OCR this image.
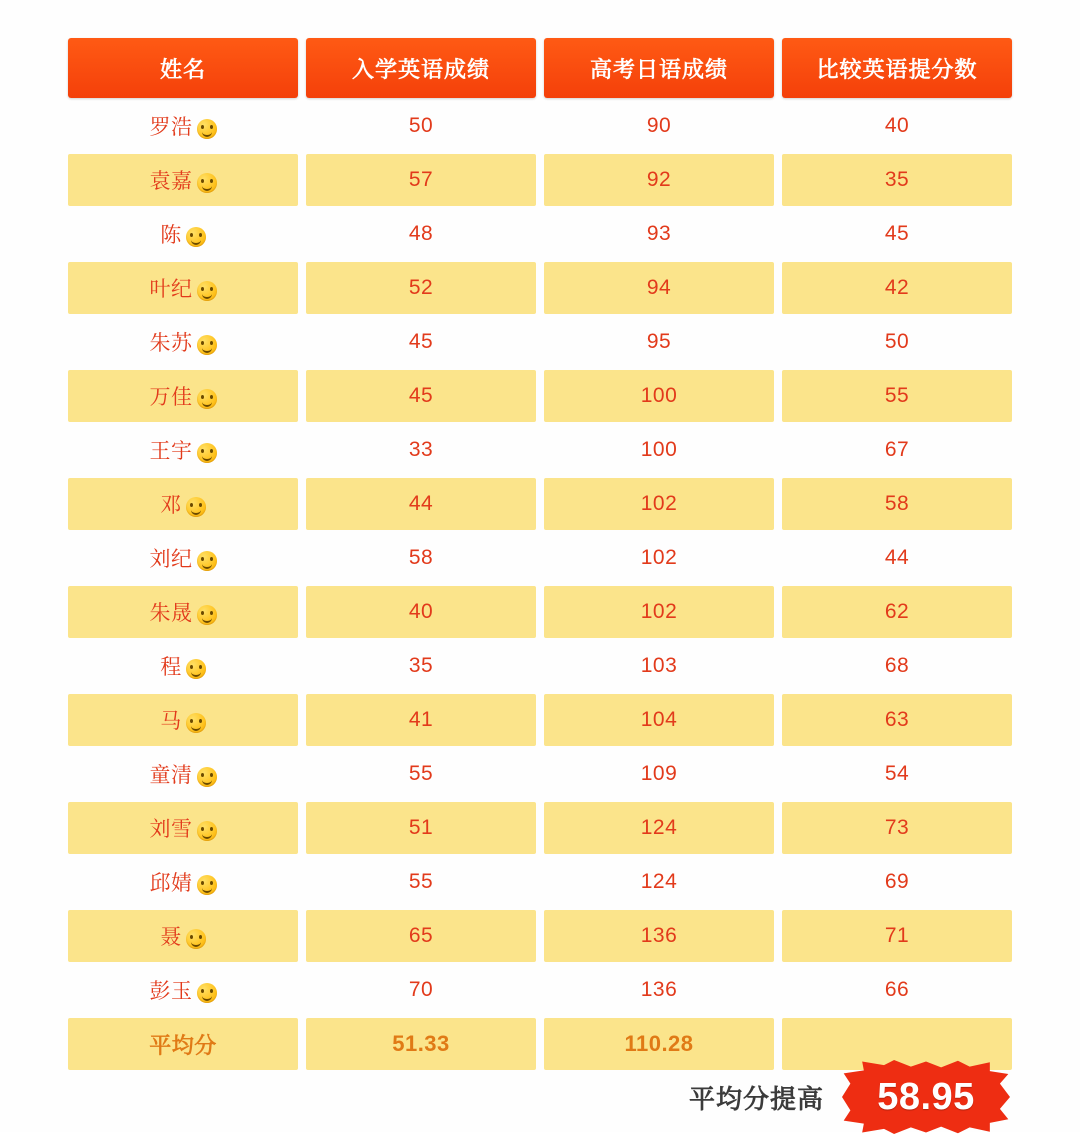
姓名	入学英语成绩	高考日语成绩	比较英语提分数
罗浩	50	90	40
袁嘉	57	92	35
陈	48	93	45
叶纪	52	94	42
朱苏	45	95	50
万佳	45	100	55
王宇	33	100	67
邓	44	102	58
刘纪	58	102	44
朱晟	40	102	62
程	35	103	68
马	41	104	63
童清	55	109	54
刘雪	51	124	73
邱婧	55	124	69
聂	65	136	71
彭玉	70	136	66
平均分	51.33	110.28
平均分提高 58.95
